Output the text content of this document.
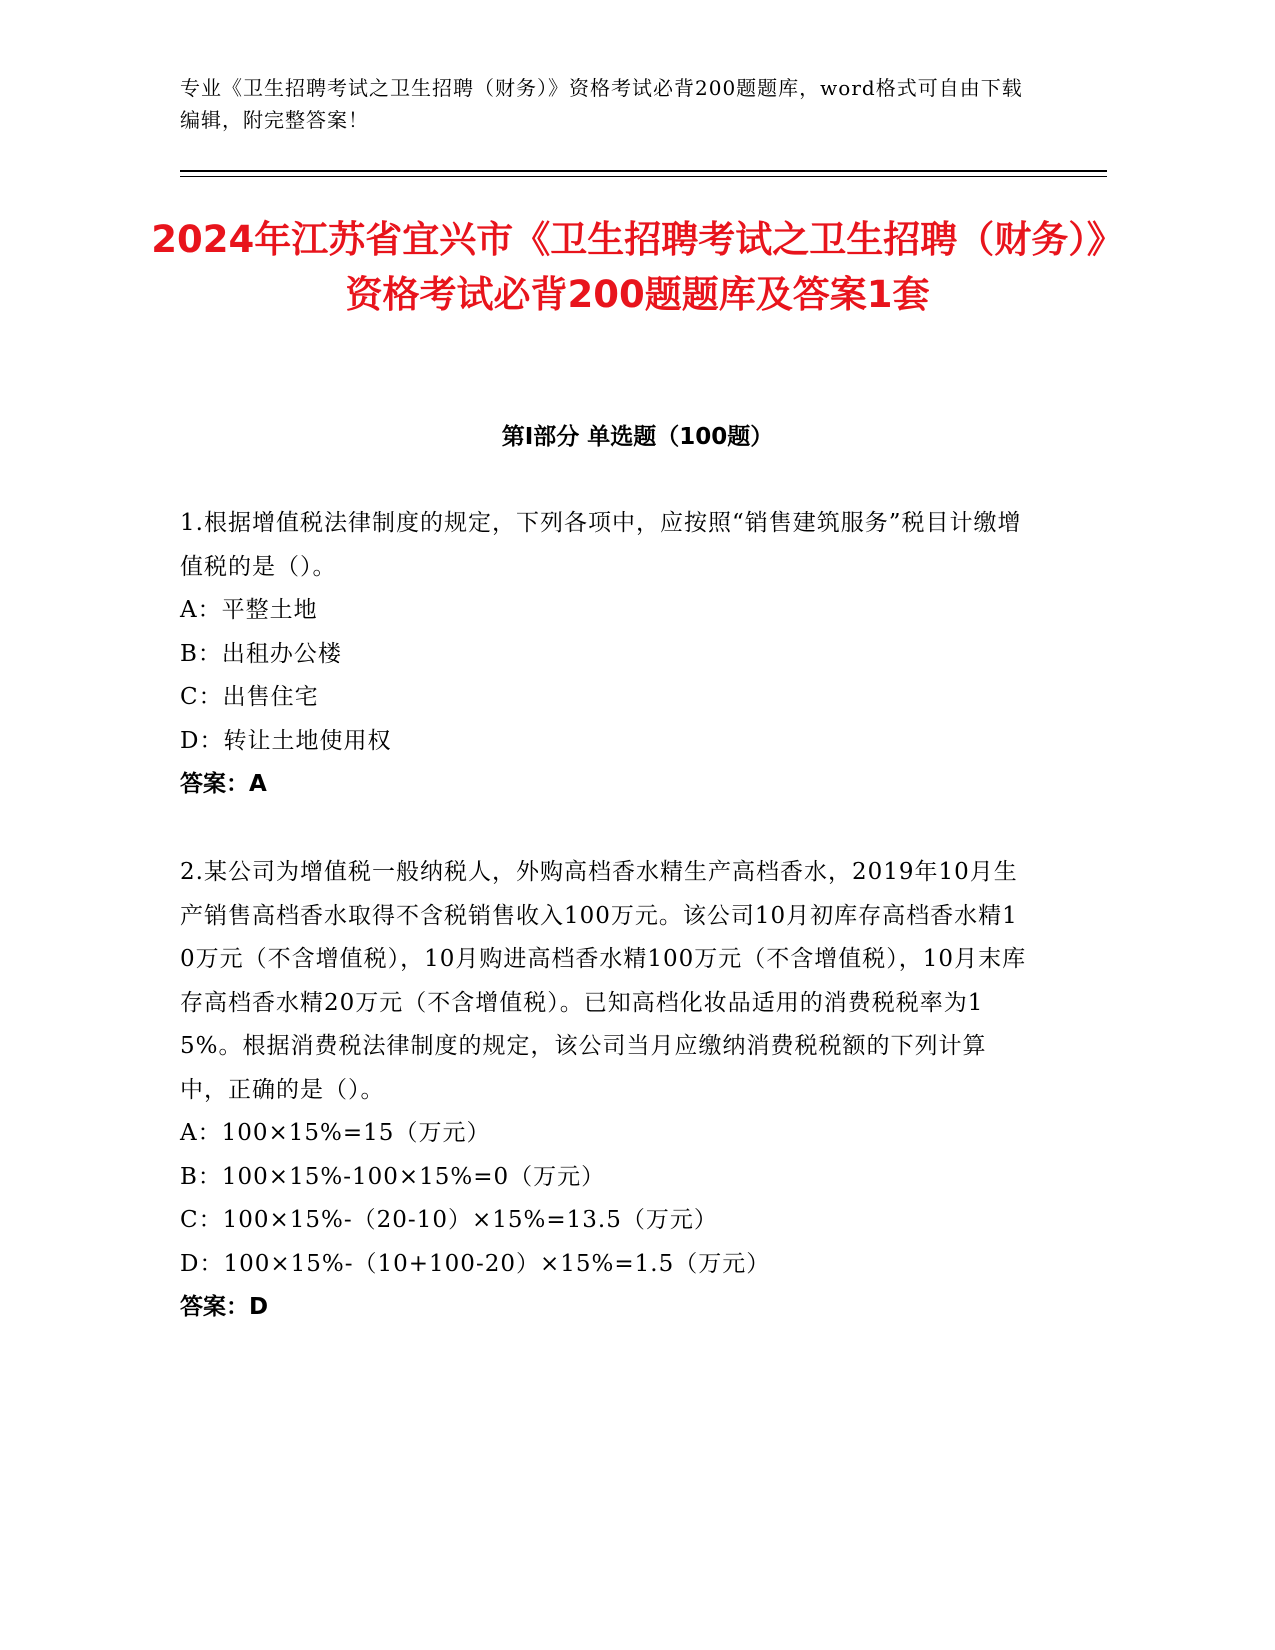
专业《卫生招聘考试之卫生招聘（财务）》资格考试必背200题题库，word格式可自由下载编辑，附完整答案！
2024年江苏省宜兴市《卫生招聘考试之卫生招聘（财务）》资格考试必背200题题库及答案1套
第Ⅰ部分 单选题（100题）

1.根据增值税法律制度的规定，下列各项中，应按照“销售建筑服务”税目计缴增值税的是（）。

A：平整土地

B：出租办公楼

C：出售住宅

D：转让土地使用权

答案：A

2.某公司为增值税一般纳税人，外购高档香水精生产高档香水，2019年10月生产销售高档香水取得不含税销售收入100万元。该公司10月初库存高档香水精10万元（不含增值税），10月购进高档香水精100万元（不含增值税），10月末库存高档香水精20万元（不含增值税）。已知高档化妆品适用的消费税税率为15%。根据消费税法律制度的规定，该公司当月应缴纳消费税税额的下列计算中，正确的是（）。

A：100×15%=15（万元）

B：100×15%-100×15%=0（万元）

C：100×15%-（20-10）×15%=13.5（万元）

D：100×15%-（10+100-20）×15%=1.5（万元）

答案：D
